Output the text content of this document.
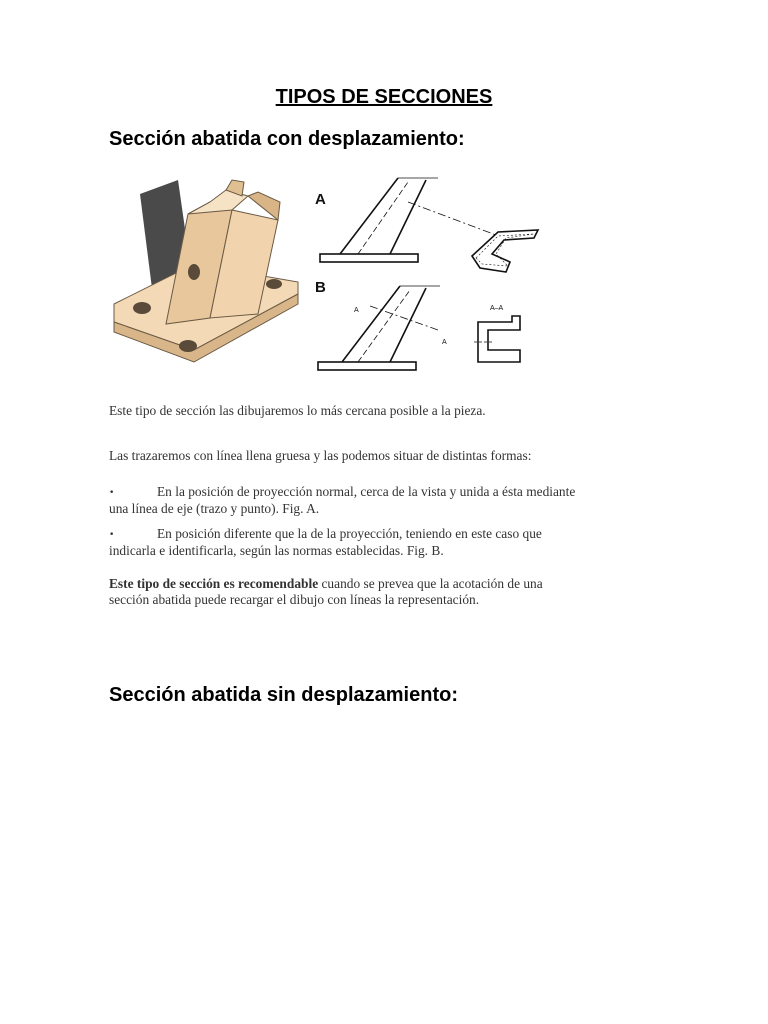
TIPOS DE SECCIONES
Sección abatida con desplazamiento:
A
B
A
A
A–A

Este tipo de sección las dibujaremos lo más cercana posible a la pieza.

Las trazaremos con línea llena gruesa y las podemos situar de distintas formas:

•	En la posición de proyección normal, cerca de la vista y unida a ésta mediante
una línea de eje (trazo y punto). Fig. A.
•	En posición diferente que la de la proyección, teniendo en este caso que
indicarla e identificarla, según las normas establecidas. Fig. B.

Este tipo de sección es recomendable cuando se prevea que la acotación de una
sección abatida puede recargar el dibujo con líneas la representación.

Sección abatida sin desplazamiento:
